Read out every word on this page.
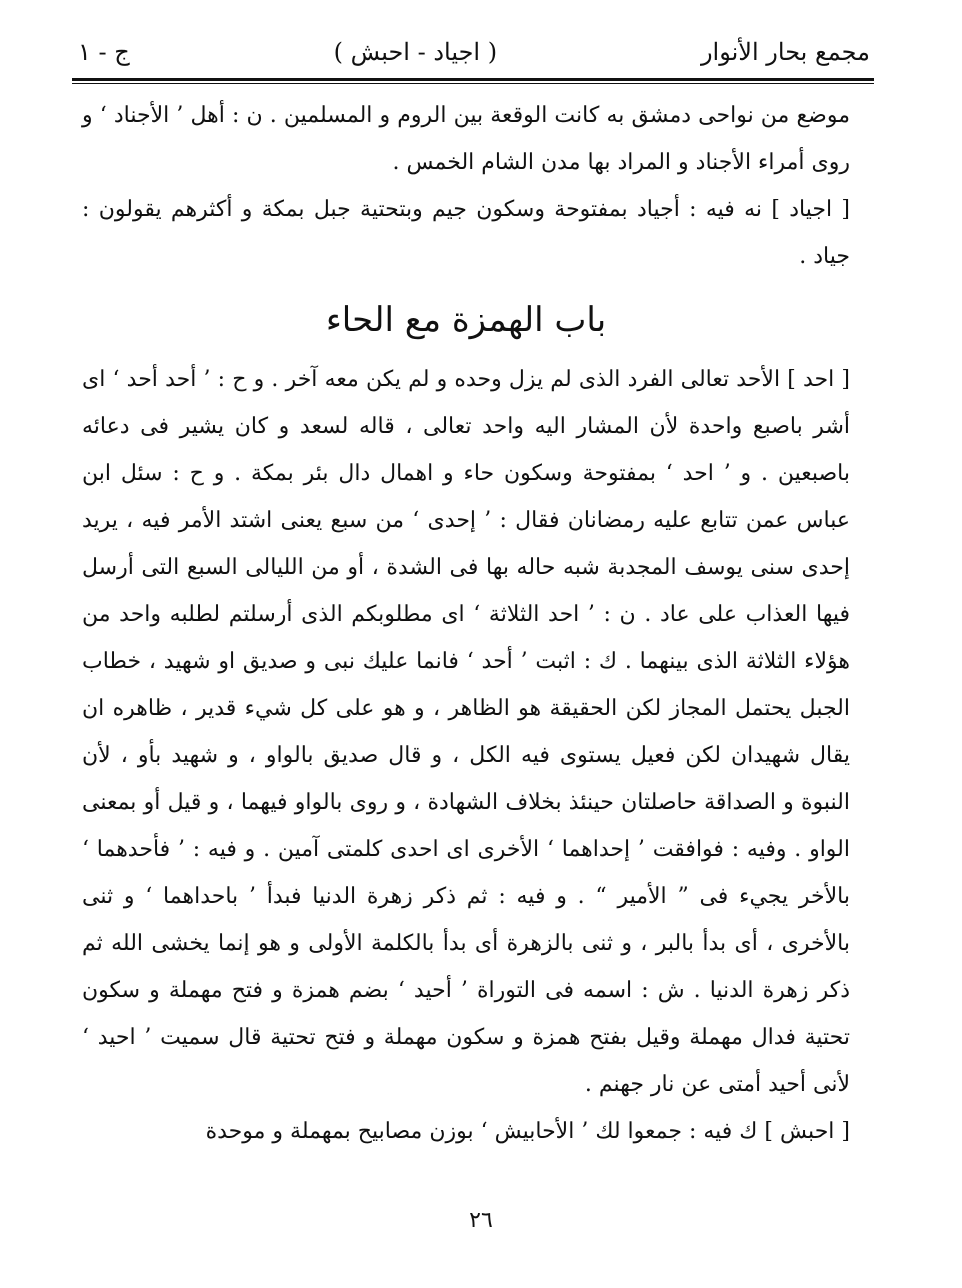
مجمع بحار الأنوار
( اجياد - احبش )
ج - ١

موضع من نواحى دمشق به كانت الوقعة بين الروم و المسلمين . ن : أهل ’ الأجناد ‘ و روى أمراء الأجناد و المراد بها مدن الشام الخمس .

[ اجياد ] نه فيه : أجياد بمفتوحة وسكون جيم وبتحتية جبل بمكة و أكثرهم يقولون : جياد .

باب الهمزة مع الحاء

[ احد ] الأحد تعالى الفرد الذى لم يزل وحده و لم يكن معه آخر . و ح : ’ أحد أحد ‘ اى أشر باصبع واحدة لأن المشار اليه واحد تعالى ، قاله لسعد و كان يشير فى دعائه باصبعين . و ’ احد ‘ بمفتوحة وسكون حاء و اهمال دال بئر بمكة . و ح : سئل ابن عباس عمن تتابع عليه رمضانان فقال : ’ إحدى ‘ من سبع يعنى اشتد الأمر فيه ، يريد إحدى سنى يوسف المجدبة شبه حاله بها فى الشدة ، أو من الليالى السبع التى أرسل فيها العذاب على عاد . ن : ’ احد الثلاثة ‘ اى مطلوبكم الذى أرسلتم لطلبه واحد من هؤلاء الثلاثة الذى بينهما . ك : اثبت ’ أحد ‘ فانما عليك نبى و صديق او شهيد ، خطاب الجبل يحتمل المجاز لكن الحقيقة هو الظاهر ، و هو على كل شيء قدير ، ظاهره ان يقال شهيدان لكن فعيل يستوى فيه الكل ، و قال صديق بالواو ، و شهيد بأو ، لأن النبوة و الصداقة حاصلتان حينئذ بخلاف الشهادة ، و روى بالواو فيهما ، و قيل أو بمعنى الواو . وفيه : فوافقت ’ إحداهما ‘ الأخرى اى احدى كلمتى آمين . و فيه : ’ فأحدهما ‘ بالأخر يجيء فى ” الأمير “ . و فيه : ثم ذكر زهرة الدنيا فبدأ ’ باحداهما ‘ و ثنى بالأخرى ، أى بدأ بالبر ، و ثنى بالزهرة أى بدأ بالكلمة الأولى و هو إنما يخشى الله ثم ذكر زهرة الدنيا . ش : اسمه فى التوراة ’ أحيد ‘ بضم همزة و فتح مهملة و سكون تحتية فدال مهملة وقيل بفتح همزة و سكون مهملة و فتح تحتية قال سميت ’ احيد ‘ لأنى أحيد أمتى عن نار جهنم .

[ احبش ] ك فيه : جمعوا لك ’ الأحابيش ‘ بوزن مصابيح بمهملة و موحدة

٢٦
